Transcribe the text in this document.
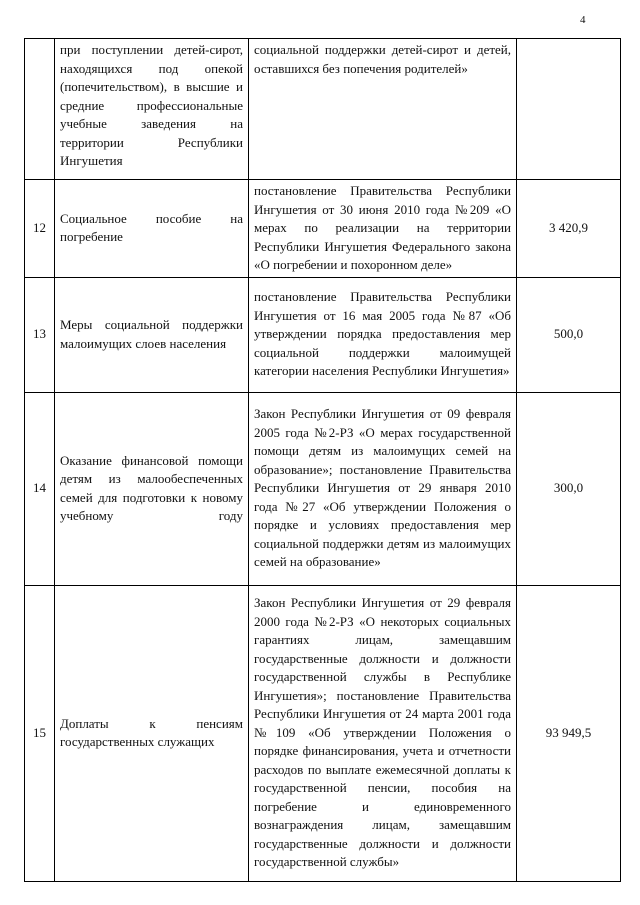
4
	при поступлении детей-сирот, находящихся под опекой (попечительством), в высшие и средние профессиональные учебные заведения на территории Республики Ингушетия	социальной поддержки детей-сирот и детей, оставшихся без попечения родителей»	
12	Социальное пособие на погребение	постановление Правительства Республики Ингушетия от 30 июня 2010 года №209 «О мерах по реализации на территории Республики Ингушетия Федерального закона «О погребении и похоронном деле»	3 420,9
13	Меры социальной поддержки малоимущих слоев населения	постановление Правительства Республики Ингушетия от 16 мая 2005 года №87 «Об утверждении порядка предоставления мер социальной поддержки малоимущей категории населения Республики Ингушетия»	500,0
14	Оказание финансовой помощи детям из малообеспеченных семей для подготовки к новому учебному году	Закон Республики Ингушетия от 09 февраля 2005 года №2-РЗ «О мерах государственной помощи детям из малоимущих семей на образование»; постановление Правительства Республики Ингушетия от 29 января 2010 года №27 «Об утверждении Положения о порядке и условиях предоставления мер социальной поддержки детям из малоимущих семей на образование»	300,0
15	Доплаты к пенсиям государственных служащих	Закон Республики Ингушетия от 29 февраля 2000 года №2-РЗ «О некоторых социальных гарантиях лицам, замещавшим государственные должности и должности государственной службы в Республике Ингушетия»; постановление Правительства Республики Ингушетия от 24 марта 2001 года №109 «Об утверждении Положения о порядке финансирования, учета и отчетности расходов по выплате ежемесячной доплаты к государственной пенсии, пособия на погребение и единовременного вознаграждения лицам, замещавшим государственные должности и должности государственной службы»	93 949,5
